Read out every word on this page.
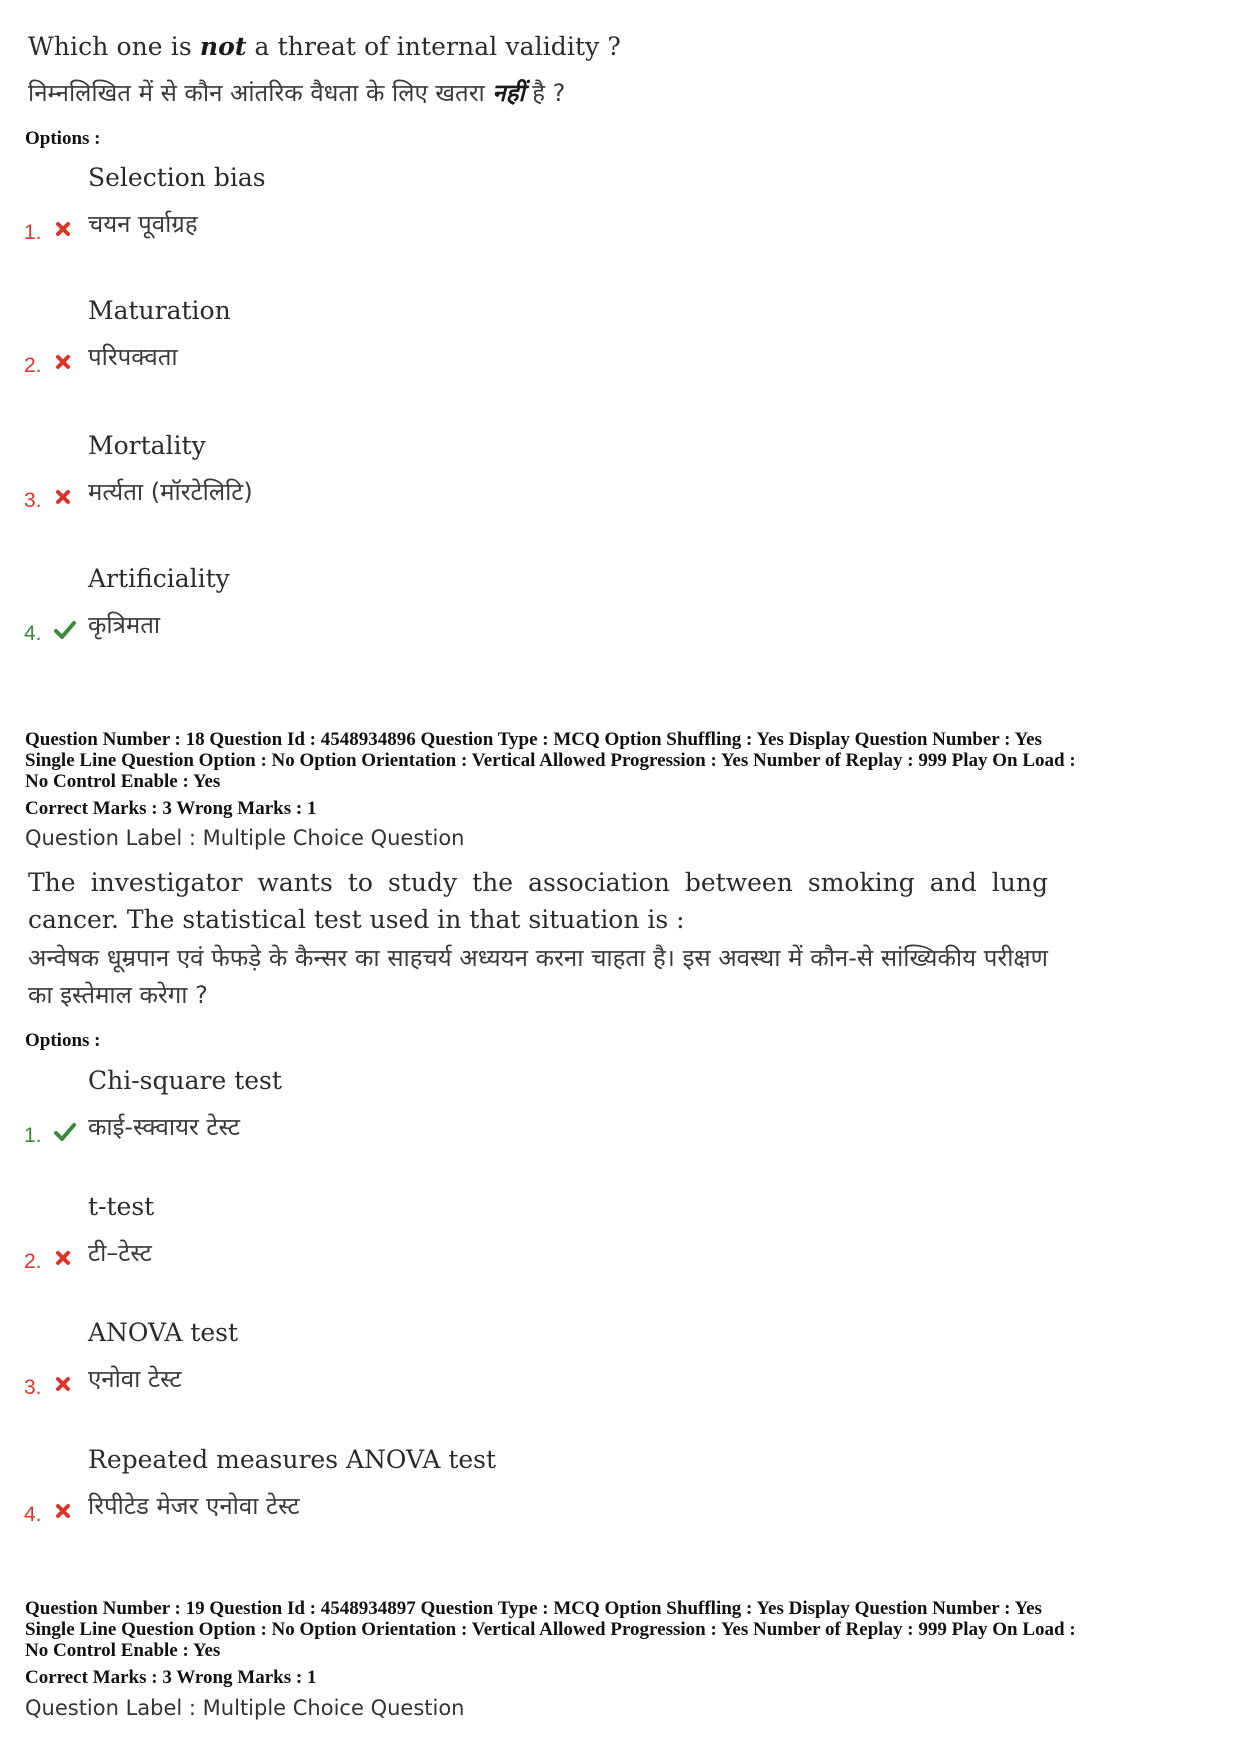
Which one is not a threat of internal validity ?
निम्नलिखित में से कौन आंतरिक वैधता के लिए खतरा नहीं है ?
Options :
Selection bias
चयन पूर्वाग्रह
1.
Maturation
परिपक्वता
2.
Mortality
मर्त्यता (मॉरटेलिटि)
3.
Artificiality
कृत्रिमता
4.
Question Number : 18 Question Id : 4548934896 Question Type : MCQ Option Shuffling : Yes Display Question Number : Yes
Single Line Question Option : No Option Orientation : Vertical Allowed Progression : Yes Number of Replay : 999 Play On Load :
No Control Enable : Yes
Correct Marks : 3 Wrong Marks : 1
Question Label : Multiple Choice Question
The investigator wants to study the association between smoking and lung cancer. The statistical test used in that situation is :
अन्वेषक धूम्रपान एवं फेफड़े के कैन्सर का साहचर्य अध्ययन करना चाहता है। इस अवस्था में कौन-से सांख्यिकीय परीक्षण का इस्तेमाल करेगा ?
Options :
Chi-square test
काई-स्क्वायर टेस्ट
1.
t-test
टी–टेस्ट
2.
ANOVA test
एनोवा टेस्ट
3.
Repeated measures ANOVA test
रिपीटेड मेजर एनोवा टेस्ट
4.
Question Number : 19 Question Id : 4548934897 Question Type : MCQ Option Shuffling : Yes Display Question Number : Yes
Single Line Question Option : No Option Orientation : Vertical Allowed Progression : Yes Number of Replay : 999 Play On Load :
No Control Enable : Yes
Correct Marks : 3 Wrong Marks : 1
Question Label : Multiple Choice Question
